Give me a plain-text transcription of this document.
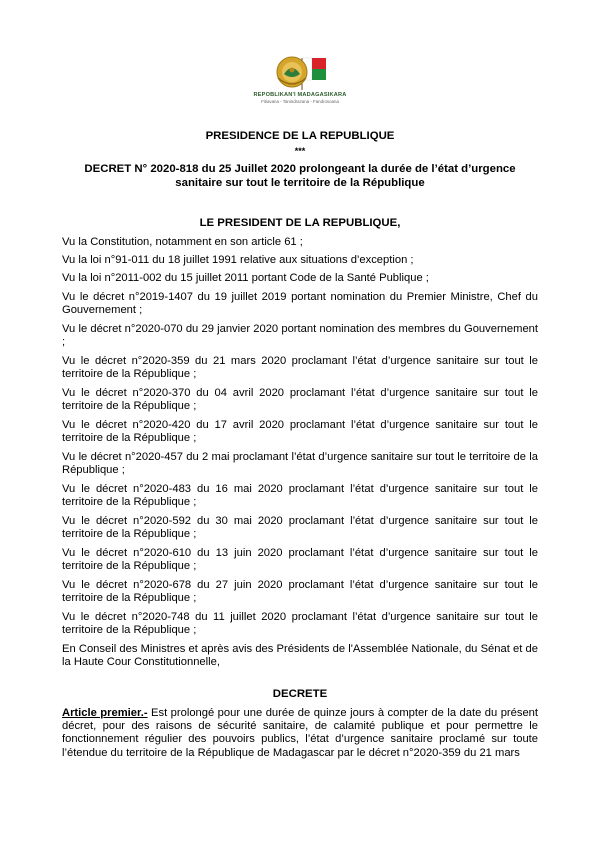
REPOBLIKAN'I MADAGASIKARA
Fitiavana - Tanindrazana - Fandrosoana
PRESIDENCE DE LA REPUBLIQUE
***
DECRET N° 2020-818 du 25 Juillet 2020 prolongeant la durée de l’état d’urgence
sanitaire sur tout le territoire de la République
LE PRESIDENT DE LA REPUBLIQUE,
Vu la Constitution, notamment en son article 61 ;
Vu la loi n°91-011 du 18 juillet 1991 relative aux situations d’exception ;
Vu la loi n°2011-002 du 15 juillet 2011 portant Code de la Santé Publique ;
Vu le décret n°2019-1407 du 19 juillet 2019 portant nomination du Premier Ministre, Chef du Gouvernement ;
Vu le décret n°2020-070 du 29 janvier 2020 portant nomination des membres du Gouvernement ;
Vu le décret n°2020-359 du 21 mars 2020 proclamant l’état d’urgence sanitaire sur tout le territoire de la République ;
Vu le décret n°2020-370 du 04 avril 2020 proclamant l’état d’urgence sanitaire sur tout le territoire de la République ;
Vu le décret n°2020-420 du 17 avril 2020 proclamant l’état d’urgence sanitaire sur tout le territoire de la République ;
Vu le décret n°2020-457 du 2 mai proclamant l’état d’urgence sanitaire sur tout le territoire de la République ;
Vu le décret n°2020-483 du 16 mai 2020 proclamant l’état d’urgence sanitaire sur tout le territoire de la République ;
Vu le décret n°2020-592 du 30 mai 2020 proclamant l’état d’urgence sanitaire sur tout le territoire de la République ;
Vu le décret n°2020-610 du 13 juin 2020 proclamant l’état d’urgence sanitaire sur tout le territoire de la République ;
Vu le décret n°2020-678 du 27 juin 2020 proclamant l’état d’urgence sanitaire sur tout le territoire de la République ;
Vu le décret n°2020-748 du 11 juillet 2020 proclamant l’état d’urgence sanitaire sur tout le territoire de la République ;
En Conseil des Ministres et après avis des Présidents de l'Assemblée Nationale, du Sénat et de la Haute Cour Constitutionnelle,
DECRETE
Article premier.- Est prolongé pour une durée de quinze jours à compter de la date du présent décret, pour des raisons de sécurité sanitaire, de calamité publique et pour permettre le fonctionnement régulier des pouvoirs publics, l’état d’urgence sanitaire proclamé sur toute l’étendue du territoire de la République de Madagascar par le décret n°2020-359 du 21 mars
